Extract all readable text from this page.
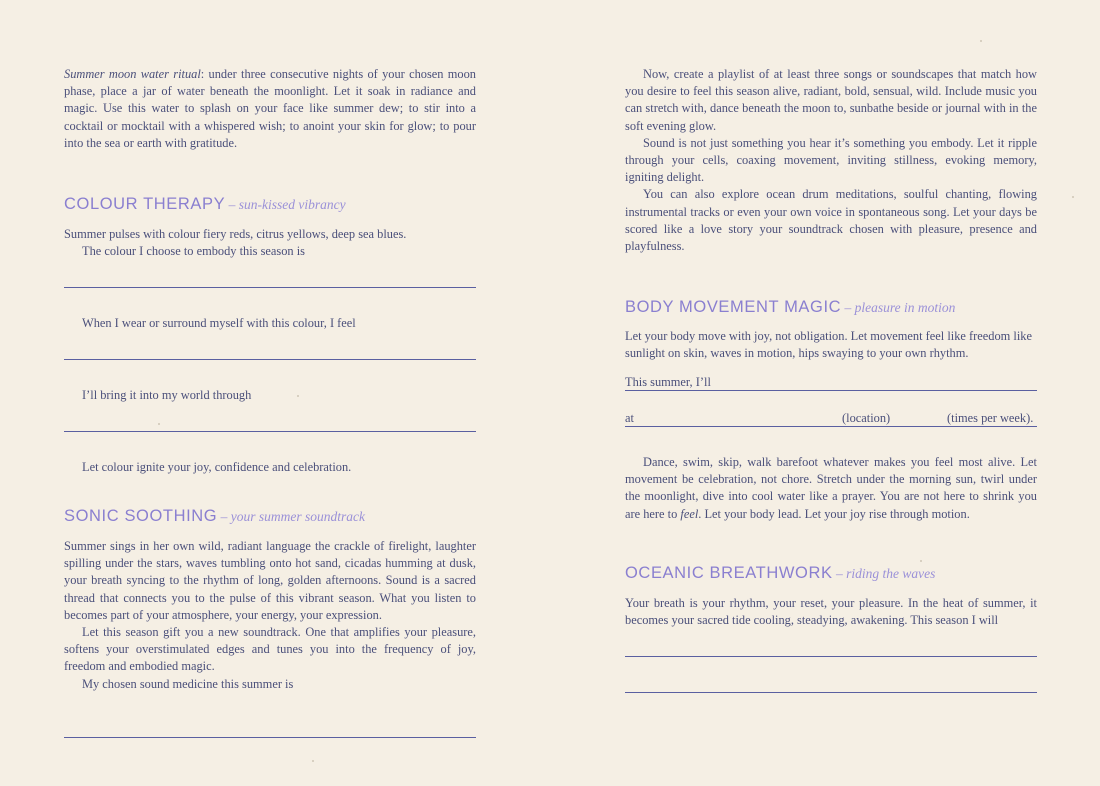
Summer moon water ritual: under three consecutive nights of your chosen moon phase, place a jar of water beneath the moonlight. Let it soak in radiance and magic. Use this water to splash on your face like summer dew; to stir into a cocktail or mocktail with a whispered wish; to anoint your skin for glow; to pour into the sea or earth with gratitude.

COLOUR THERAPY – sun-kissed vibrancy

Summer pulses with colour fiery reds, citrus yellows, deep sea blues.

The colour I choose to embody this season is

When I wear or surround myself with this colour, I feel

I’ll bring it into my world through

Let colour ignite your joy, confidence and celebration.

SONIC SOOTHING – your summer soundtrack

Summer sings in her own wild, radiant language the crackle of firelight, laughter spilling under the stars, waves tumbling onto hot sand, cicadas humming at dusk, your breath syncing to the rhythm of long, golden afternoons. Sound is a sacred thread that connects you to the pulse of this vibrant season. What you listen to becomes part of your atmosphere, your energy, your expression.

Let this season gift you a new soundtrack. One that amplifies your pleasure, softens your overstimulated edges and tunes you into the frequency of joy, freedom and embodied magic.

My chosen sound medicine this summer is

Now, create a playlist of at least three songs or soundscapes that match how you desire to feel this season alive, radiant, bold, sensual, wild. Include music you can stretch with, dance beneath the moon to, sunbathe beside or journal with in the soft evening glow.

Sound is not just something you hear it’s something you embody. Let it ripple through your cells, coaxing movement, inviting stillness, evoking memory, igniting delight.

You can also explore ocean drum meditations, soulful chanting, flowing instrumental tracks or even your own voice in spontaneous song. Let your days be scored like a love story your soundtrack chosen with pleasure, presence and playfulness.

BODY MOVEMENT MAGIC – pleasure in motion

Let your body move with joy, not obligation. Let movement feel like freedom like sunlight on skin, waves in motion, hips swaying to your own rhythm.

This summer, I’ll
at	(location)	(times per week).

Dance, swim, skip, walk barefoot whatever makes you feel most alive. Let movement be celebration, not chore. Stretch under the morning sun, twirl under the moonlight, dive into cool water like a prayer. You are not here to shrink you are here to feel. Let your body lead. Let your joy rise through motion.

OCEANIC BREATHWORK – riding the waves

Your breath is your rhythm, your reset, your pleasure. In the heat of summer, it becomes your sacred tide cooling, steadying, awakening. This season I will
